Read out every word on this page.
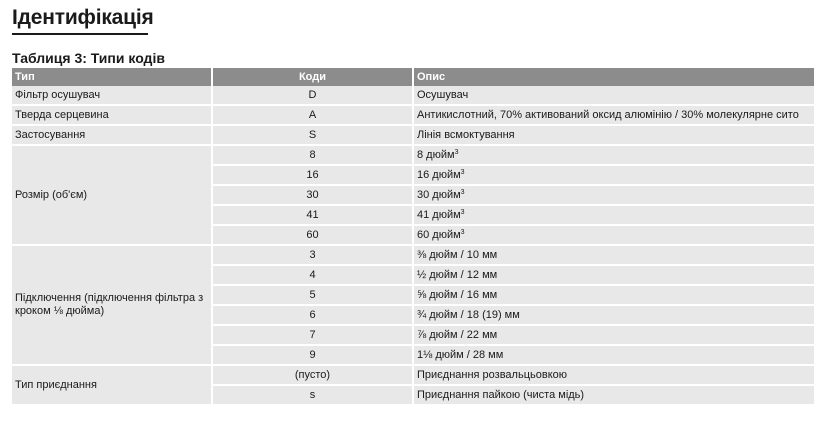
Ідентифікація
Таблиця 3: Типи кодів
Тип	Коди	Опис
Фільтр осушувач	D	Осушувач
Тверда серцевина	A	Антикислотний, 70% активований оксид алюмінію / 30% молекулярне сито
Застосування	S	Лінія всмоктування
Розмір (об'єм)	8	8 дюйм$^3$
	16	16 дюйм$^3$
	30	30 дюйм$^3$
	41	41 дюйм$^3$
	60	60 дюйм$^3$
Підключення (підключення фільтра з кроком ⅛ дюйма)	3	⅜ дюйм / 10 мм
	4	½ дюйм / 12 мм
	5	⅝ дюйм / 16 мм
	6	¾ дюйм / 18 (19) мм
	7	⅞ дюйм / 22 мм
	9	1⅛ дюйм / 28 мм
Тип приєднання	(пусто)	Приєднання розвальцьовкою
	s	Приєднання пайкою (чиста мідь)
